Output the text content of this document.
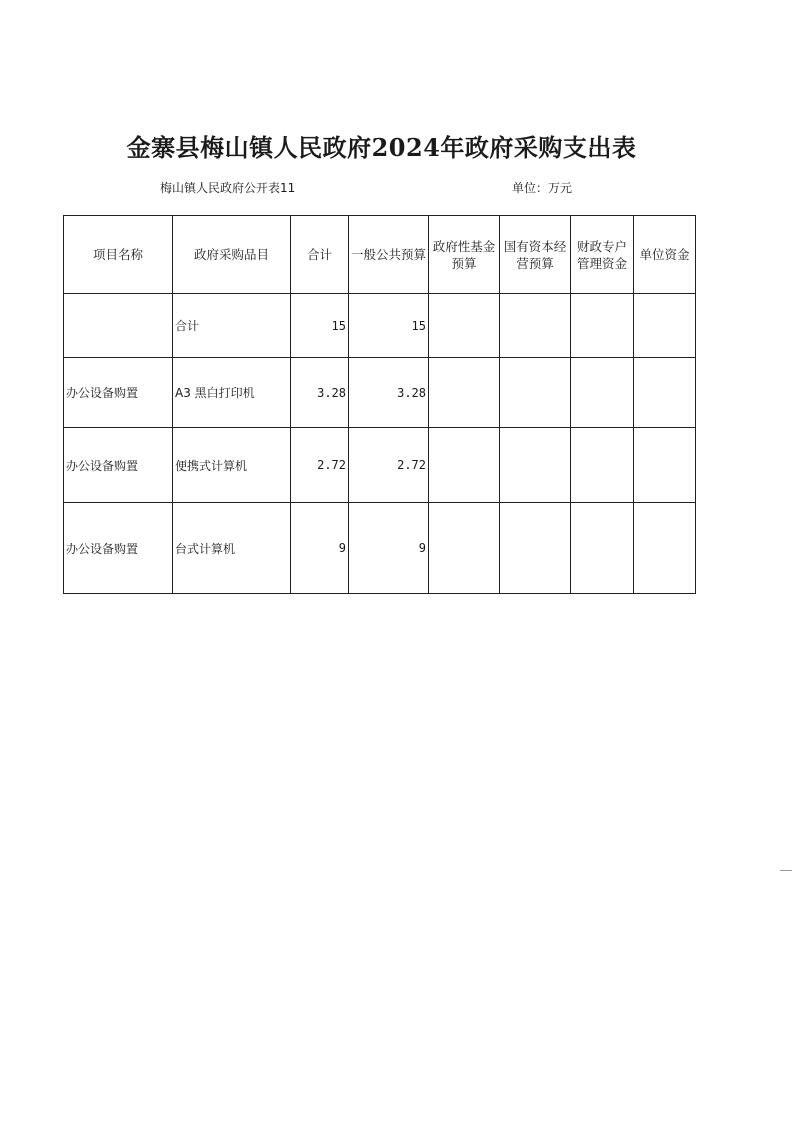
金寨县梅山镇人民政府2024年政府采购支出表
梅山镇人民政府公开表11	单位：万元
项目名称	政府采购品目	合计	一般公共预算	政府性基金预算	国有资本经营预算	财政专户管理资金	单位资金
	合计	15	15				
办公设备购置	A3 黑白打印机	3.28	3.28				
办公设备购置	便携式计算机	2.72	2.72				
办公设备购置	台式计算机	9	9				
